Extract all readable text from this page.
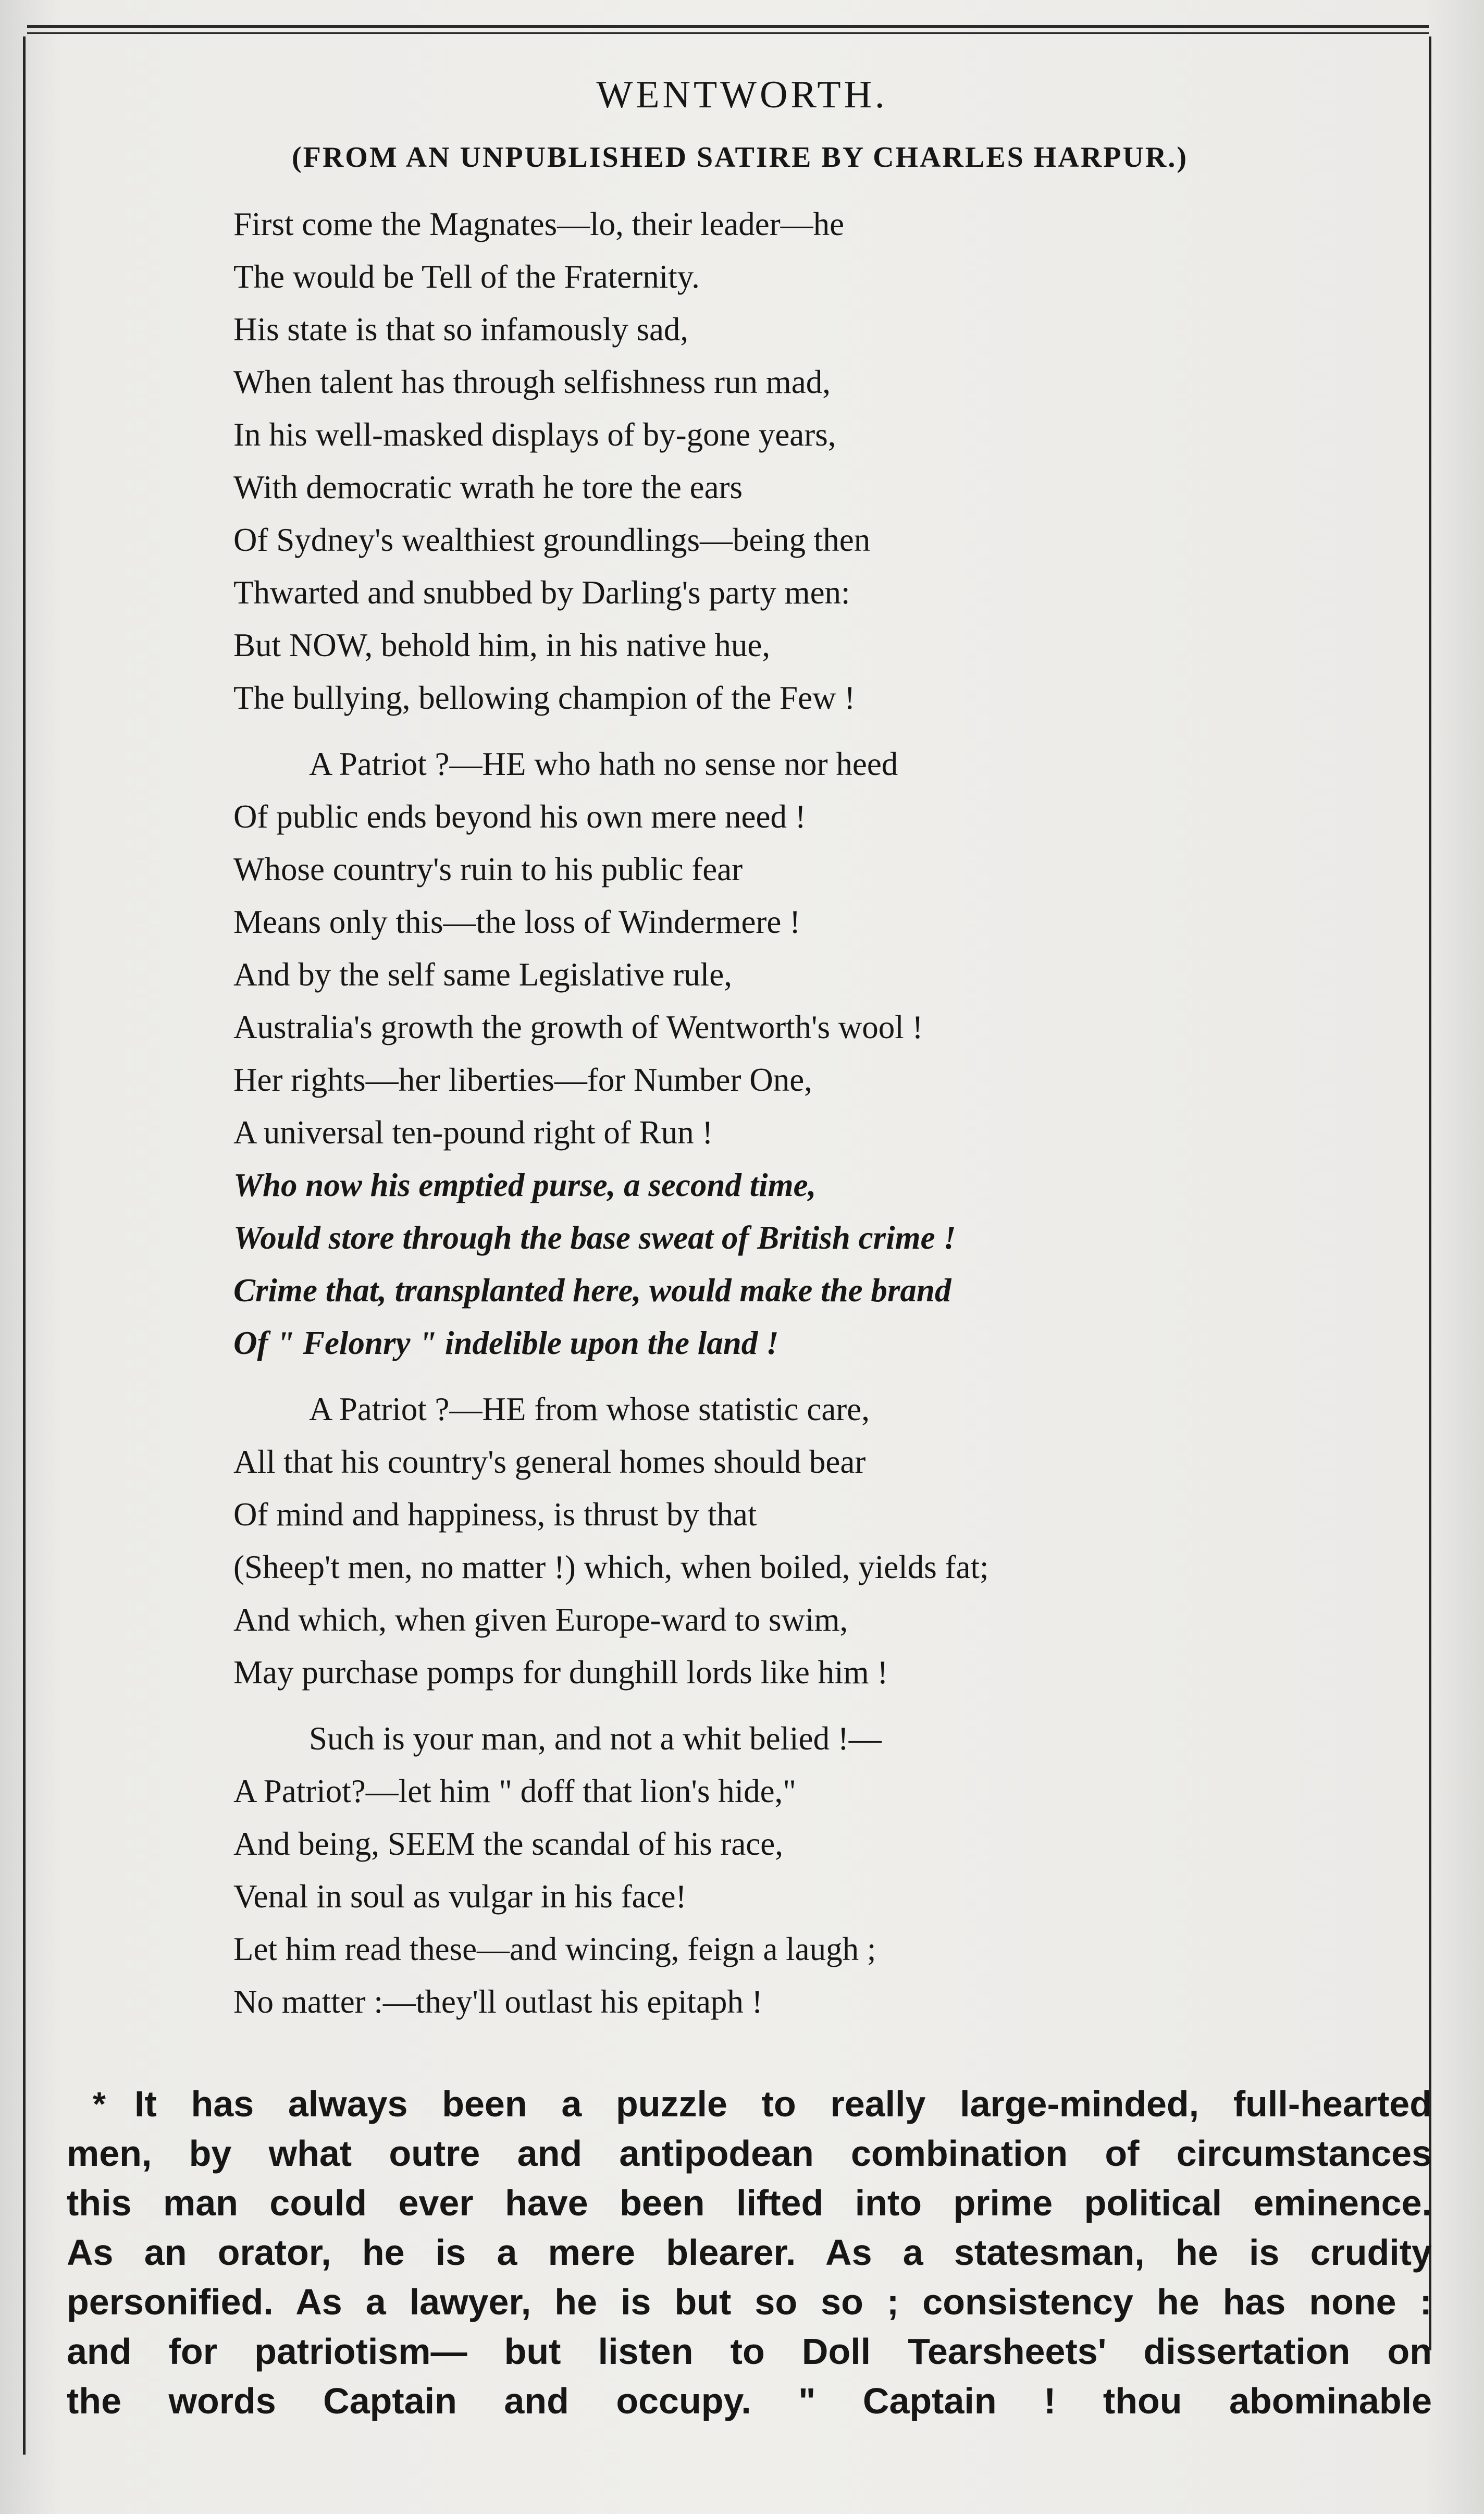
WENTWORTH.
(FROM AN UNPUBLISHED SATIRE BY CHARLES HARPUR.)
First come the Magnates—lo, their leader—he
The would be Tell of the Fraternity.
His state is that so infamously sad,
When talent has through selfishness run mad,
In his well-masked displays of by-gone years,
With democratic wrath he tore the ears
Of Sydney's wealthiest groundlings—being then
Thwarted and snubbed by Darling's party men:
But NOW, behold him, in his native hue,
The bullying, bellowing champion of the Few !
A Patriot ?—HE who hath no sense nor heed
Of public ends beyond his own mere need !
Whose country's ruin to his public fear
Means only this—the loss of Windermere !
And by the self same Legislative rule,
Australia's growth the growth of Wentworth's wool !
Her rights—her liberties—for Number One,
A universal ten-pound right of Run !
Who now his emptied purse, a second time,
Would store through the base sweat of British crime !
Crime that, transplanted here, would make the brand
Of " Felonry " indelible upon the land !
A Patriot ?—HE from whose statistic care,
All that his country's general homes should bear
Of mind and happiness, is thrust by that
(Sheep't men, no matter !) which, when boiled, yields fat;
And which, when given Europe-ward to swim,
May purchase pomps for dunghill lords like him !
Such is your man, and not a whit belied !—
A Patriot?—let him " doff that lion's hide,"
And being, SEEM the scandal of his race,
Venal in soul as vulgar in his face!
Let him read these—and wincing, feign a laugh ;
No matter :—they'll outlast his epitaph !
* It has always been a puzzle to really large-minded, full-hearted
men, by what outre and antipodean combination of circumstances
this man could ever have been lifted into prime political eminence.
As an orator, he is a mere blearer. As a statesman, he is crudity
personified. As a lawyer, he is but so so ; consistency he has none :
and for patriotism— but listen to Doll Tearsheets' dissertation on
the words Captain and occupy. " Captain ! thou abominable
